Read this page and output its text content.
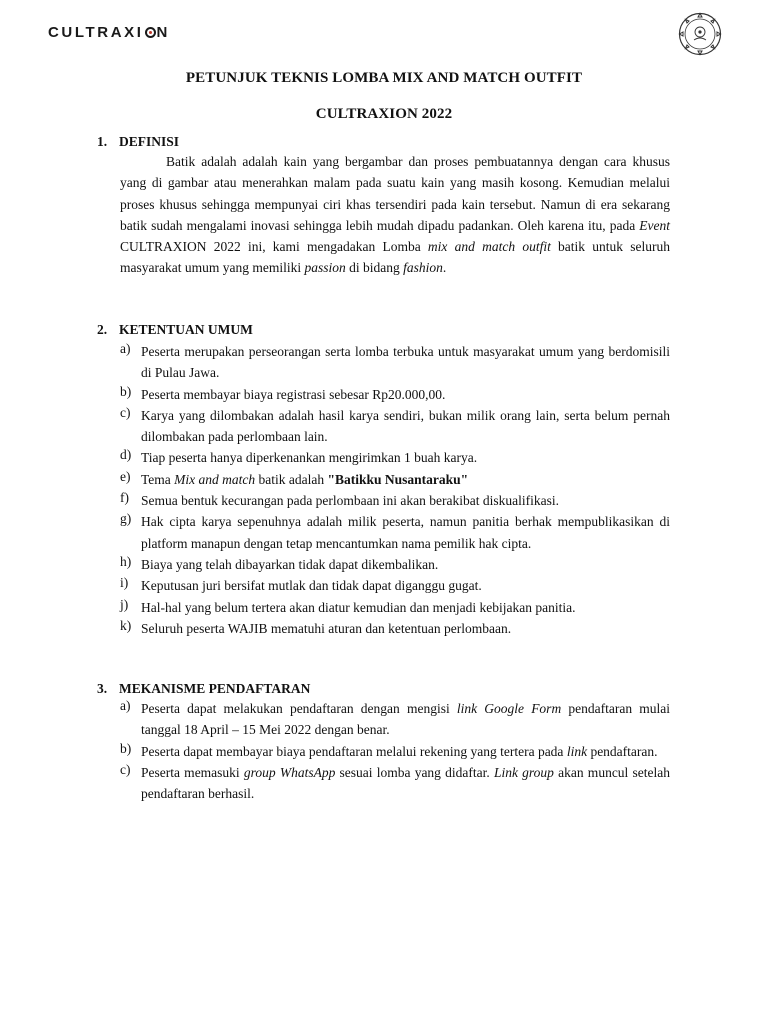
CULTRAXI N
PETUNJUK TEKNIS LOMBA MIX AND MATCH OUTFIT
CULTRAXION 2022
1. DEFINISI
Batik adalah adalah kain yang bergambar dan proses pembuatannya dengan cara khusus yang di gambar atau menerahkan malam pada suatu kain yang masih kosong. Kemudian melalui proses khusus sehingga mempunyai ciri khas tersendiri pada kain tersebut. Namun di era sekarang batik sudah mengalami inovasi sehingga lebih mudah dipadu padankan. Oleh karena itu, pada Event CULTRAXION 2022 ini, kami mengadakan Lomba mix and match outfit batik untuk seluruh masyarakat umum yang memiliki passion di bidang fashion.
2. KETENTUAN UMUM
a) Peserta merupakan perseorangan serta lomba terbuka untuk masyarakat umum yang berdomisili di Pulau Jawa.
b) Peserta membayar biaya registrasi sebesar Rp20.000,00.
c) Karya yang dilombakan adalah hasil karya sendiri, bukan milik orang lain, serta belum pernah dilombakan pada perlombaan lain.
d) Tiap peserta hanya diperkenankan mengirimkan 1 buah karya.
e) Tema Mix and match batik adalah "Batikku Nusantaraku"
f) Semua bentuk kecurangan pada perlombaan ini akan berakibat diskualifikasi.
g) Hak cipta karya sepenuhnya adalah milik peserta, namun panitia berhak mempublikasikan di platform manapun dengan tetap mencantumkan nama pemilik hak cipta.
h) Biaya yang telah dibayarkan tidak dapat dikembalikan.
i) Keputusan juri bersifat mutlak dan tidak dapat diganggu gugat.
j) Hal-hal yang belum tertera akan diatur kemudian dan menjadi kebijakan panitia.
k) Seluruh peserta WAJIB mematuhi aturan dan ketentuan perlombaan.
3. MEKANISME PENDAFTARAN
a) Peserta dapat melakukan pendaftaran dengan mengisi link Google Form pendaftaran mulai tanggal 18 April – 15 Mei 2022 dengan benar.
b) Peserta dapat membayar biaya pendaftaran melalui rekening yang tertera pada link pendaftaran.
c) Peserta memasuki group WhatsApp sesuai lomba yang didaftar. Link group akan muncul setelah pendaftaran berhasil.
